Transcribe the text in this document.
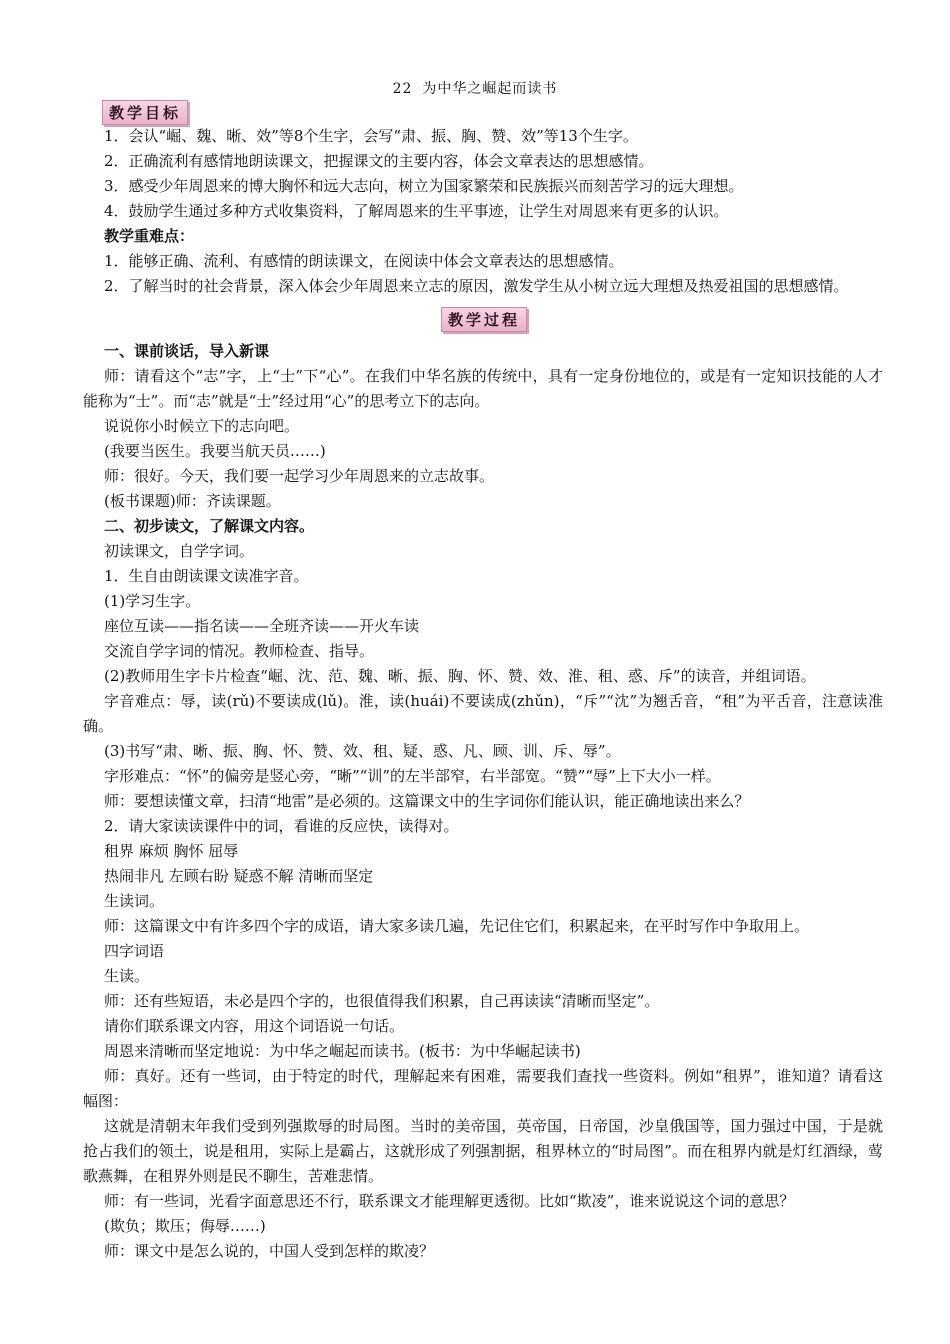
22 为中华之崛起而读书
教学目标

1．会认“崛、魏、晰、效”等8个生字，会写“肃、振、胸、赞、效”等13个生字。

2．正确流利有感情地朗读课文，把握课文的主要内容，体会文章表达的思想感情。

3．感受少年周恩来的博大胸怀和远大志向，树立为国家繁荣和民族振兴而刻苦学习的远大理想。

4．鼓励学生通过多种方式收集资料，了解周恩来的生平事迹，让学生对周恩来有更多的认识。

教学重难点：

1．能够正确、流利、有感情的朗读课文，在阅读中体会文章表达的思想感情。

2．了解当时的社会背景，深入体会少年周恩来立志的原因，激发学生从小树立远大理想及热爱祖国的思想感情。

教学过程

一、课前谈话，导入新课

师：请看这个“志”字，上“士”下“心”。在我们中华名族的传统中，具有一定身份地位的，或是有一定知识技能的人才能称为“士”。而“志”就是“士”经过用“心”的思考立下的志向。

说说你小时候立下的志向吧。

(我要当医生。我要当航天员……)

师：很好。今天，我们要一起学习少年周恩来的立志故事。

(板书课题)师：齐读课题。

二、初步读文，了解课文内容。

初读课文，自学字词。

1．生自由朗读课文读准字音。

(1)学习生字。

座位互读——指名读——全班齐读——开火车读

交流自学字词的情况。教师检查、指导。

(2)教师用生字卡片检查“崛、沈、范、魏、晰、振、胸、怀、赞、效、淮、租、惑、斥”的读音，并组词语。

字音难点：辱，读(rǔ)不要读成(lǔ)。淮，读(huái)不要读成(zhǔn)，“斥”“沈”为翘舌音，“租”为平舌音，注意读准确。

(3)书写“肃、晰、振、胸、怀、赞、效、租、疑、惑、凡、顾、训、斥、辱”。

字形难点：“怀”的偏旁是竖心旁，“晰”“训”的左半部窄，右半部宽。“赞”“辱”上下大小一样。

师：要想读懂文章，扫清“地雷”是必须的。这篇课文中的生字词你们能认识，能正确地读出来么？

2．请大家读读课件中的词，看谁的反应快，读得对。

租界 麻烦 胸怀 屈辱

热闹非凡 左顾右盼 疑惑不解 清晰而坚定

生读词。

师：这篇课文中有许多四个字的成语，请大家多读几遍，先记住它们，积累起来，在平时写作中争取用上。

四字词语

生读。

师：还有些短语，未必是四个字的，也很值得我们积累，自己再读读“清晰而坚定”。

请你们联系课文内容，用这个词语说一句话。

周恩来清晰而坚定地说：为中华之崛起而读书。(板书：为中华崛起读书)

师：真好。还有一些词，由于特定的时代，理解起来有困难，需要我们查找一些资料。例如“租界”，谁知道？请看这幅图：

这就是清朝末年我们受到列强欺辱的时局图。当时的美帝国，英帝国，日帝国，沙皇俄国等，国力强过中国，于是就抢占我们的领土，说是租用，实际上是霸占，这就形成了列强割据，租界林立的“时局图”。而在租界内就是灯红酒绿，莺歌燕舞，在租界外则是民不聊生，苦难悲情。

师：有一些词，光看字面意思还不行，联系课文才能理解更透彻。比如“欺凌”，谁来说说这个词的意思？

(欺负；欺压；侮辱……)

师：课文中是怎么说的，中国人受到怎样的欺凌？
